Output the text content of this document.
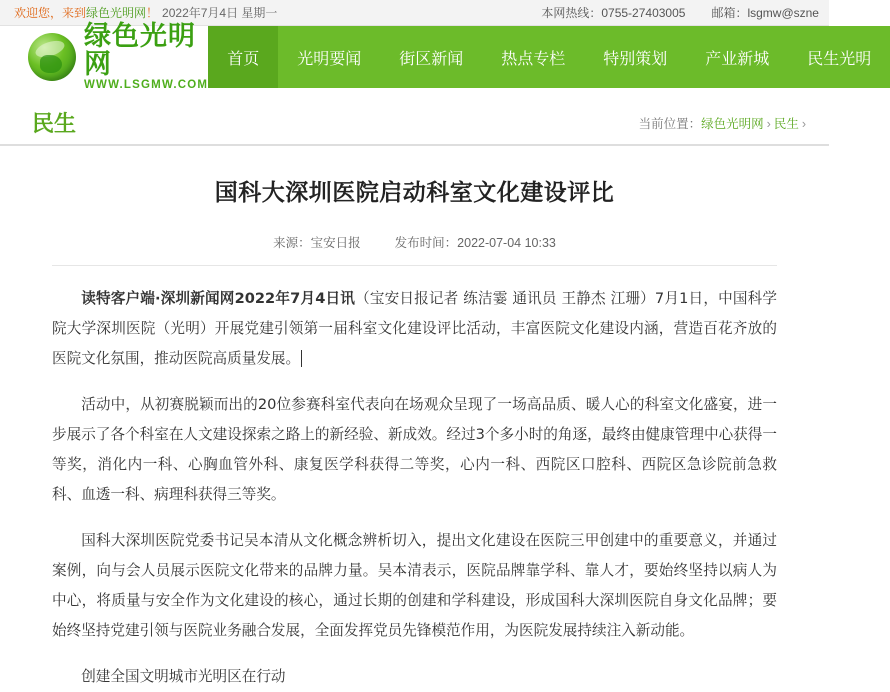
欢迎您，来到 绿色光明网 ！ 2022年7月4日 星期一	本网热线：0755-27403005 邮箱：lsgmw@szne
绿色光明网
WWW.LSGMW.COM
首页	光明要闻	街区新闻	热点专栏	特别策划	产业新城	民生光明
民生	当前位置：绿色光明网 › 民生 ›
国科大深圳医院启动科室文化建设评比
来源：宝安日报	发布时间：2022-07-04 10:33

读特客户端·深圳新闻网2022年7月4日讯（宝安日报记者 练洁霎 通讯员 王静杰 江珊）7月1日，中国科学院大学深圳医院（光明）开展党建引领第一届科室文化建设评比活动，丰富医院文化建设内涵，营造百花齐放的医院文化氛围，推动医院高质量发展。

活动中，从初赛脱颖而出的20位参赛科室代表向在场观众呈现了一场高品质、暖人心的科室文化盛宴，进一步展示了各个科室在人文建设探索之路上的新经验、新成效。经过3个多小时的角逐，最终由健康管理中心获得一等奖，消化内一科、心胸血管外科、康复医学科获得二等奖，心内一科、西院区口腔科、西院区急诊院前急救科、血透一科、病理科获得三等奖。

国科大深圳医院党委书记吴本清从文化概念辨析切入，提出文化建设在医院三甲创建中的重要意义，并通过案例，向与会人员展示医院文化带来的品牌力量。吴本清表示，医院品牌靠学科、靠人才，要始终坚持以病人为中心，将质量与安全作为文化建设的核心，通过长期的创建和学科建设，形成国科大深圳医院自身文化品牌；要始终坚持党建引领与医院业务融合发展，全面发挥党员先锋模范作用，为医院发展持续注入新动能。

创建全国文明城市光明区在行动
